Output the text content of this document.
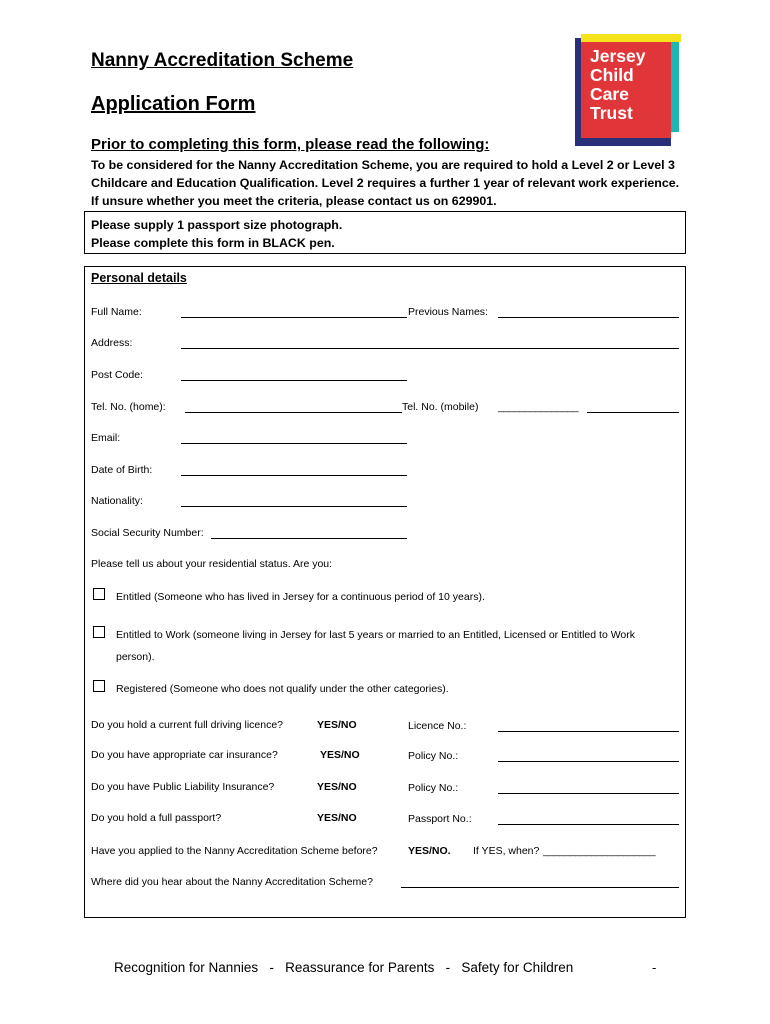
Nanny Accreditation Scheme
Application Form
Jersey
Child
Care
Trust
Prior to completing this form, please read the following:
To be considered for the Nanny Accreditation Scheme, you are required to hold a Level 2 or Level 3 Childcare and Education Qualification. Level 2 requires a further 1 year of relevant work experience. If unsure whether you meet the criteria, please contact us on 629901.
Please supply 1 passport size photograph.
Please complete this form in BLACK pen.
Personal details
Full Name:	Previous Names:
Address:
Post Code:
Tel. No. (home):	Tel. No. (mobile) _______________
Email:
Date of Birth:
Nationality:
Social Security Number:
Please tell us about your residential status. Are you:
Entitled (Someone who has lived in Jersey for a continuous period of 10 years).
Entitled to Work (someone living in Jersey for last 5 years or married to an Entitled, Licensed or Entitled to Work person).
Registered (Someone who does not qualify under the other categories).
Do you hold a current full driving licence?	YES/NO	Licence No.:
Do you have appropriate car insurance?	YES/NO	Policy No.:
Do you have Public Liability Insurance?	YES/NO	Policy No.:
Do you hold a full passport?	YES/NO	Passport No.:
Have you applied to the Nanny Accreditation Scheme before?	YES/NO. If YES, when? _____________________
Where did you hear about the Nanny Accreditation Scheme?
Recognition for Nannies   -   Reassurance for Parents   -   Safety for Children	-
